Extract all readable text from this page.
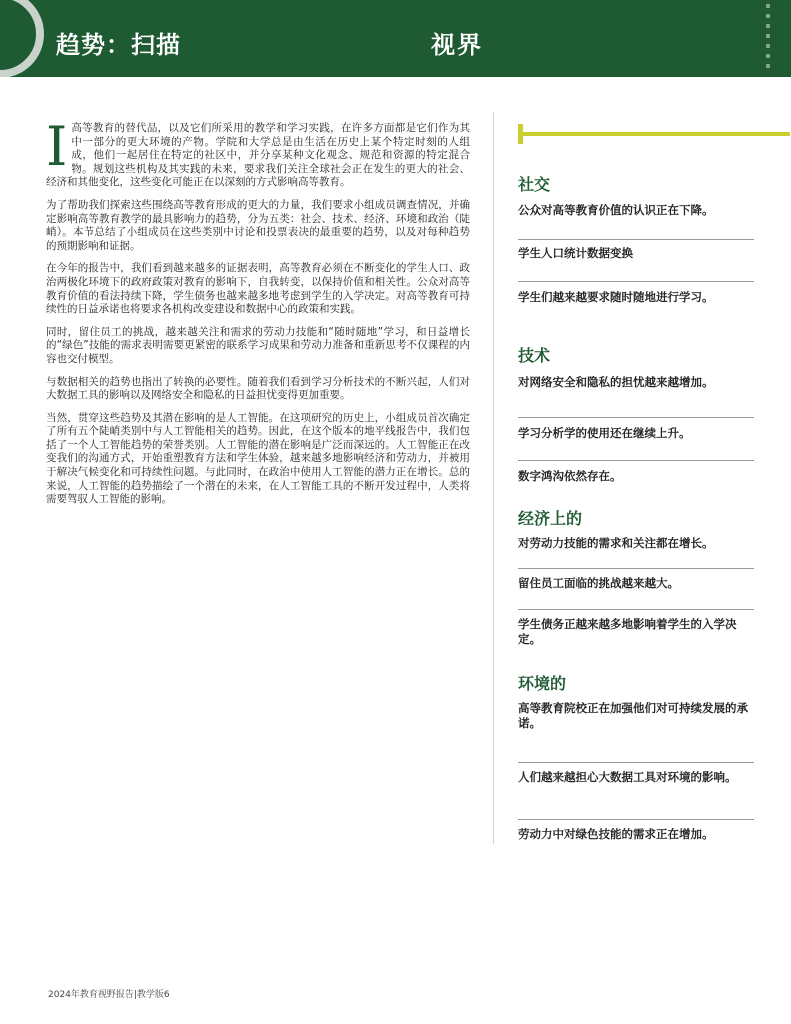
趋势：扫描	视界

I高等教育的替代品，以及它们所采用的教学和学习实践，在许多方面都是它们作为其中一部分的更大环境的产物。学院和大学总是由生活在历史上某个特定时刻的人组成，他们一起居住在特定的社区中，并分享某种文化观念、规范和资源的特定混合物。规划这些机构及其实践的未来，要求我们关注全球社会正在发生的更大的社会、经济和其他变化，这些变化可能正在以深刻的方式影响高等教育。

为了帮助我们探索这些围绕高等教育形成的更大的力量，我们要求小组成员调查情况，并确定影响高等教育教学的最具影响力的趋势，分为五类：社会、技术、经济、环境和政治（陡峭）。本节总结了小组成员在这些类别中讨论和投票表决的最重要的趋势，以及对每种趋势的预期影响和证据。

在今年的报告中，我们看到越来越多的证据表明，高等教育必须在不断变化的学生人口、政治两极化环境下的政府政策对教育的影响下，自我转变，以保持价值和相关性。公众对高等教育价值的看法持续下降，学生债务也越来越多地考虑到学生的入学决定。对高等教育可持续性的日益承诺也将要求各机构改变建设和数据中心的政策和实践。

同时，留住员工的挑战，越来越关注和需求的劳动力技能和“随时随地”学习，和日益增长的“绿色”技能的需求表明需要更紧密的联系学习成果和劳动力准备和重新思考不仅课程的内容也交付模型。

与数据相关的趋势也指出了转换的必要性。随着我们看到学习分析技术的不断兴起，人们对大数据工具的影响以及网络安全和隐私的日益担忧变得更加重要。

当然，贯穿这些趋势及其潜在影响的是人工智能。在这项研究的历史上，小组成员首次确定了所有五个陡峭类别中与人工智能相关的趋势。因此，在这个版本的地平线报告中，我们包括了一个人工智能趋势的荣誉类别。人工智能的潜在影响是广泛而深远的。人工智能正在改变我们的沟通方式，开始重塑教育方法和学生体验，越来越多地影响经济和劳动力，并被用于解决气候变化和可持续性问题。与此同时，在政治中使用人工智能的潜力正在增长。总的来说，人工智能的趋势描绘了一个潜在的未来，在人工智能工具的不断开发过程中，人类将需要驾驭人工智能的影响。

社交
公众对高等教育价值的认识正在下降。
学生人口统计数据变换
学生们越来越要求随时随地进行学习。
技术
对网络安全和隐私的担忧越来越增加。
学习分析学的使用还在继续上升。
数字鸿沟依然存在。
经济上的
对劳动力技能的需求和关注都在增长。
留住员工面临的挑战越来越大。
学生债务正越来越多地影响着学生的入学决定。
环境的
高等教育院校正在加强他们对可持续发展的承诺。
人们越来越担心大数据工具对环境的影响。
劳动力中对绿色技能的需求正在增加。
2024年教育视野报告|教学版6
